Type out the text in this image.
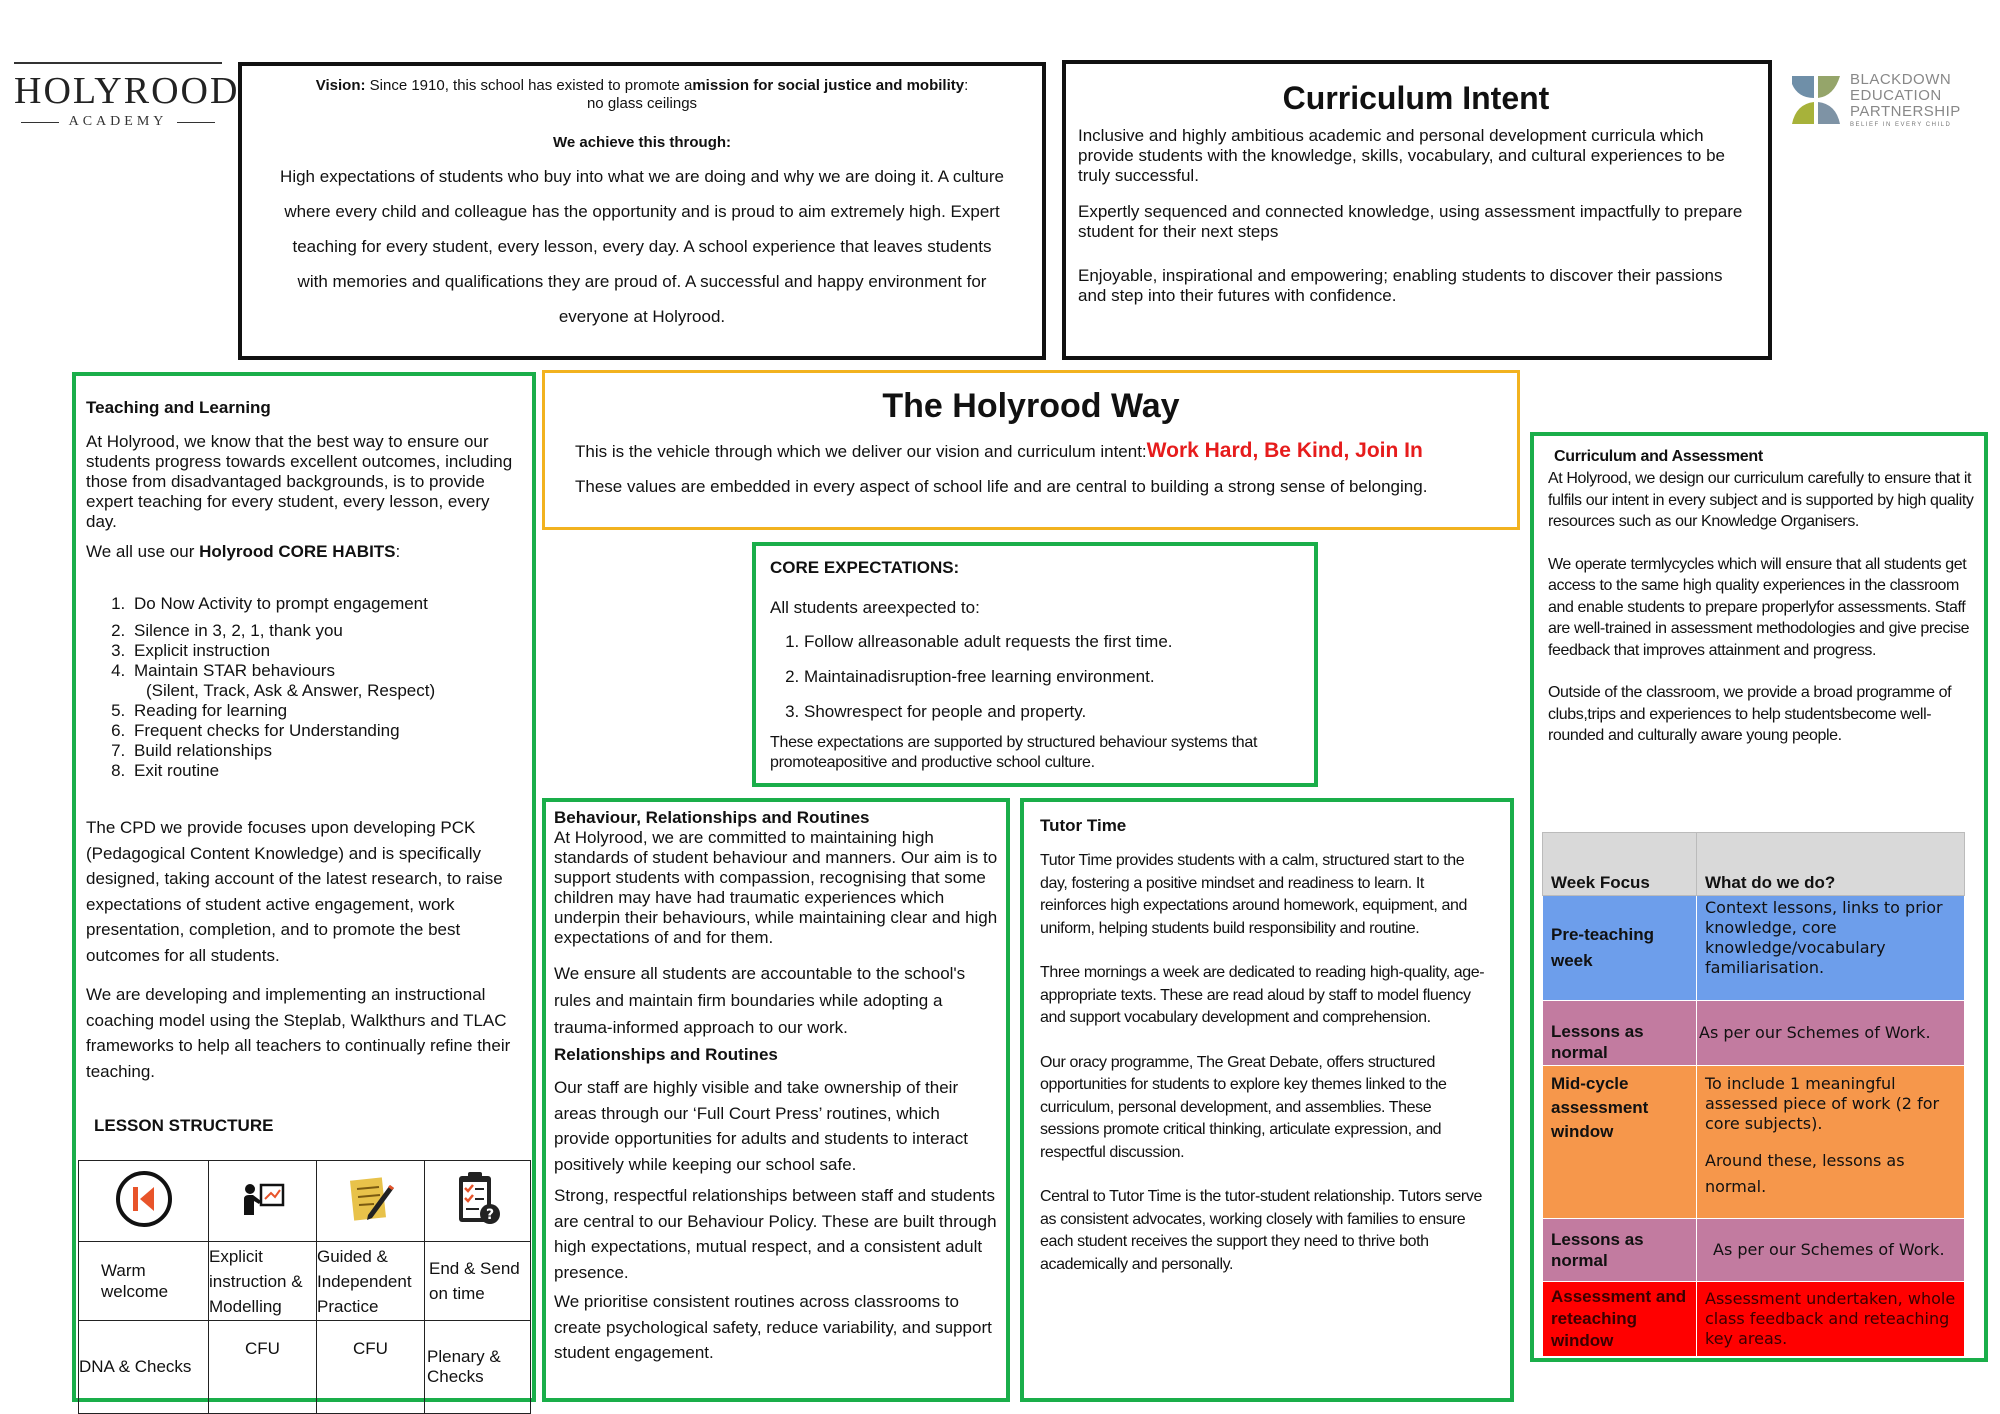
HOLYROOD
ACADEMY
BLACKDOWN
EDUCATION
PARTNERSHIP
BELIEF IN EVERY CHILD

Vision: Since 1910, this school has existed to promote amission for social justice and mobility:

no glass ceilings

We achieve this through:

High expectations of students who buy into what we are doing and why we are doing it. A culture where every child and colleague has the opportunity and is proud to aim extremely high. Expert teaching for every student, every lesson, every day. A school experience that leaves students with memories and qualifications they are proud of. A successful and happy environment for everyone at Holyrood.

Curriculum Intent

Inclusive and highly ambitious academic and personal development curricula which provide students with the knowledge, skills, vocabulary, and cultural experiences to be truly successful.

Expertly sequenced and connected knowledge, using assessment impactfully to prepare student for their next steps

Enjoyable, inspirational and empowering; enabling students to discover their passions and step into their futures with confidence.

The Holyrood Way
This is the vehicle through which we deliver our vision and curriculum intent: Work Hard, Be Kind, Join In

These values are embedded in every aspect of school life and are central to building a strong sense of belonging.

Teaching and Learning

At Holyrood, we know that the best way to ensure our students progress towards excellent outcomes, including those from disadvantaged backgrounds, is to provide expert teaching for every student, every lesson, every day.

We all use our Holyrood CORE HABITS:

1. Do Now Activity to prompt engagement
2. Silence in 3, 2, 1, thank you
3. Explicit instruction
4. Maintain STAR behaviours
(Silent, Track, Ask & Answer, Respect)
5. Reading for learning
6. Frequent checks for Understanding
7. Build relationships
8. Exit routine

The CPD we provide focuses upon developing PCK (Pedagogical Content Knowledge) and is specifically designed, taking account of the latest research, to raise expectations of student active engagement, work presentation, completion, and to promote the best outcomes for all students.

We are developing and implementing an instructional coaching model using the Steplab, Walkthurs and TLAC frameworks to help all teachers to continually refine their teaching.

LESSON STRUCTURE

?

Warm welcome	Explicit instruction & Modelling	Guided & Independent Practice	End & Send on time
DNA & Checks	CFU	CFU	Plenary & Checks
CORE EXPECTATIONS:

All students areexpected to:

1. Follow allreasonable adult requests the first time.
2. Maintainadisruption-free learning environment.
3. Showrespect for people and property.

These expectations are supported by structured behaviour systems that promoteapositive and productive school culture.

Behaviour, Relationships and Routines

At Holyrood, we are committed to maintaining high standards of student behaviour and manners. Our aim is to support students with compassion, recognising that some children may have had traumatic experiences which underpin their behaviours, while maintaining clear and high expectations of and for them.

We ensure all students are accountable to the school's rules and maintain firm boundaries while adopting a trauma-informed approach to our work.

Relationships and Routines

Our staff are highly visible and take ownership of their areas through our ‘Full Court Press’ routines, which provide opportunities for adults and students to interact positively while keeping our school safe.

Strong, respectful relationships between staff and students are central to our Behaviour Policy. These are built through high expectations, mutual respect, and a consistent adult presence.

We prioritise consistent routines across classrooms to create psychological safety, reduce variability, and support student engagement.

Tutor Time

Tutor Time provides students with a calm, structured start to the day, fostering a positive mindset and readiness to learn. It reinforces high expectations around homework, equipment, and uniform, helping students build responsibility and routine.

Three mornings a week are dedicated to reading high-quality, age-appropriate texts. These are read aloud by staff to model fluency and support vocabulary development and comprehension.

Our oracy programme, The Great Debate, offers structured opportunities for students to explore key themes linked to the curriculum, personal development, and assemblies. These sessions promote critical thinking, articulate expression, and respectful discussion.

Central to Tutor Time is the tutor-student relationship. Tutors serve as consistent advocates, working closely with families to ensure each student receives the support they need to thrive both academically and personally.

Curriculum and Assessment

At Holyrood, we design our curriculum carefully to ensure that it fulfils our intent in every subject and is supported by high quality resources such as our Knowledge Organisers.

We operate termlycycles which will ensure that all students get access to the same high quality experiences in the classroom and enable students to prepare properlyfor assessments. Staff are well-trained in assessment methodologies and give precise feedback that improves attainment and progress.

Outside of the classroom, we provide a broad programme of clubs,trips and experiences to help studentsbecome well-rounded and culturally aware young people.

Week Focus	What do we do?
Pre-teaching week	Context lessons, links to prior knowledge, core knowledge/vocabulary familiarisation.
Lessons as normal	As per our Schemes of Work.
Mid-cycle assessment window	To include 1 meaningful assessed piece of work (2 for core subjects).
Around these, lessons as normal.

Lessons as normal	As per our Schemes of Work.
Assessment and reteaching window	Assessment undertaken, whole class feedback and reteaching key areas.
